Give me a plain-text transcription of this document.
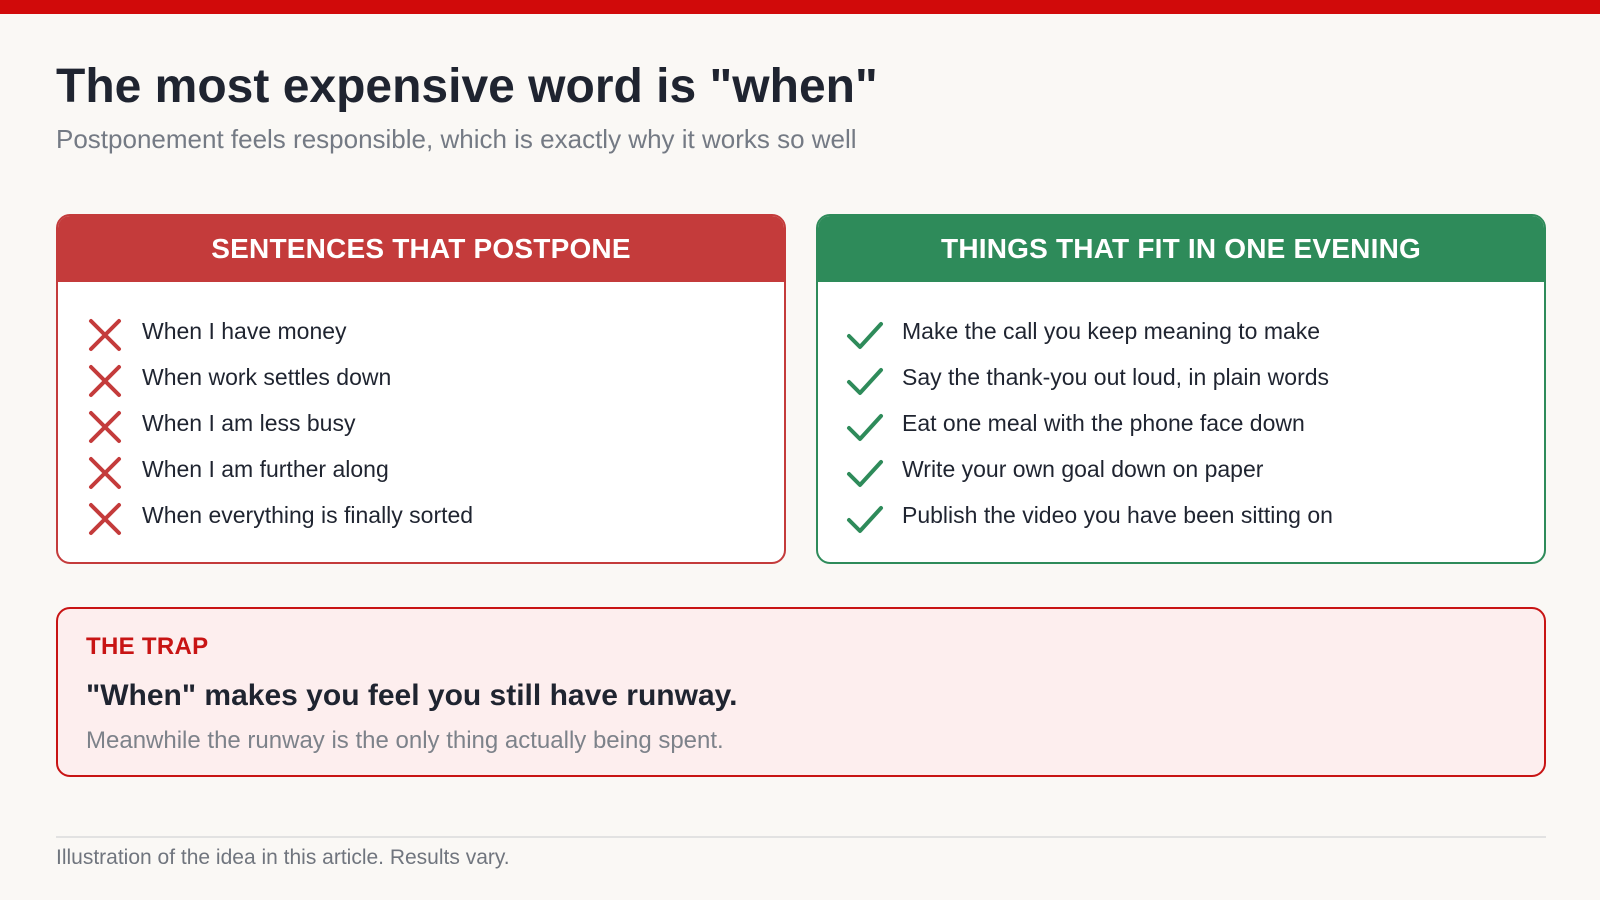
The most expensive word is "when"

Postponement feels responsible, which is exactly why it works so well

SENTENCES THAT POSTPONE
When I have money
When work settles down
When I am less busy
When I am further along
When everything is finally sorted
THINGS THAT FIT IN ONE EVENING
Make the call you keep meaning to make
Say the thank-you out loud, in plain words
Eat one meal with the phone face down
Write your own goal down on paper
Publish the video you have been sitting on
THE TRAP
"When" makes you feel you still have runway.
Meanwhile the runway is the only thing actually being spent.
Illustration of the idea in this article. Results vary.
